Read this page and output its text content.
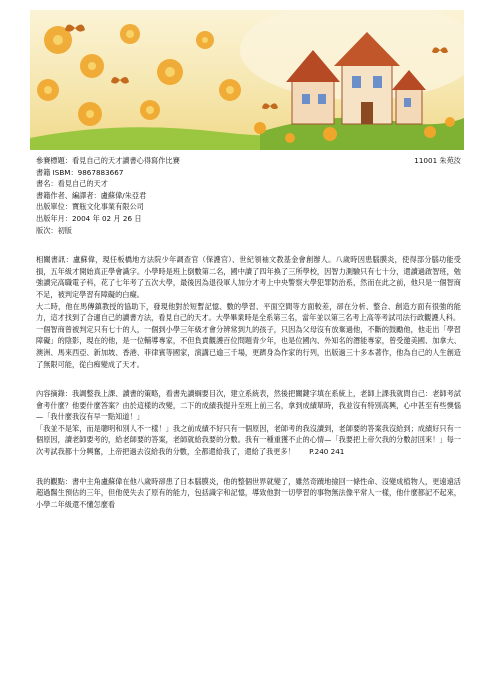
參賽標題：看見自己的天才讀書心得寫作比賽	11001 朱苑汝
書籍 ISBM：9867883667
書名：看見自己的天才
書籍作者、編譯者：盧蘇偉/朱亞君
出版單位：寶瓶文化事業有限公司
出版年月：2004 年 02 月 26 日
版次：初版

相關書訊：盧蘇偉，現任板橋地方法院少年調查官（保護官）、世紀領袖文教基金會創辦人。八歲時因患腦膜炎，使得部分腦功能受損，五年級才開始真正學會識字。小學時是班上倒數第二名，國中讀了四年換了三所學校，因智力測驗只有七十分，還讀過啟智班，勉強讀完高職電子科，花了七年考了五次大學，最後因為退役軍人加分才考上中央警察大學犯罪防治系，然而在此之前，他只是一個智商不足，被判定學習有障礙的白癡。

大二時，他在馬傳鎮教授的協助下，發現他對於短暫記憶、數的學習、平面空間等方面較差，卻在分析、整合、創造方面有很強的能力，這才找到了合適自己的讀書方法，看見自己的天才。大學畢業時是全系第三名，當年並以第三名考上高等考試司法行政觀護人科。

一個智商曾被判定只有七十的人，一個到小學三年級才會分辨常到九的孩子，只因為父母沒有放棄過他，不斷的鼓勵他，他走出「學習障礙」的陰影，現在的他，是一位輔導專家，不但負責觀護百位問題青少年，也是位國內、外知名的潛能專家，曾受邀美國、加拿大、澳洲、馬來西亞、新加坡、香港、菲律賓等國家，演講已逾三千場，更躋身為作家的行列，出版過三十多本著作，他為自己的人生創造了無限可能，從白痴變成了天才。

內容摘錄：我調整我上課、讀書的策略，看書先讀綱要目次，建立系統表，然後把關鍵字填在系統上，老師上課我就問自己：老師考試會考什麼？他要什麼答案？由於這樣的改變，二下的成績我提升至班上前三名，拿到成績單時，我並沒有特別高興，心中甚至有些懊惱—「我什麼我沒有早一點知道！」

「我並不是笨，而是聰明和別人不一樣！」我之前成績不好只有一個原因，老師考的我沒讀到，老師要的答案我沒給到；成績好只有一個原因，讀老師要考的，給老師要的答案，老師就給我要的分數。我有一種重獲不止的心情—「我要把上帝欠我的分數討回來！」每一次考試我都十分興奮，上帝把過去沒給我的分數，全都還給我了，還給了我更多！　　P.240 241

我的觀點：書中主角盧蘇偉在他八歲時卻患了日本腦膜炎，他的整個世界就變了，雖然奇蹟地撿回一條性命、沒變成植物人，更遠遠活超過醫生預估的三年，但他使失去了原有的能力，包括識字和記憶，導致他對一切學習的事物無法像平常人一樣，他什麼都記不起來，小學二年級還不懂怎麼看
